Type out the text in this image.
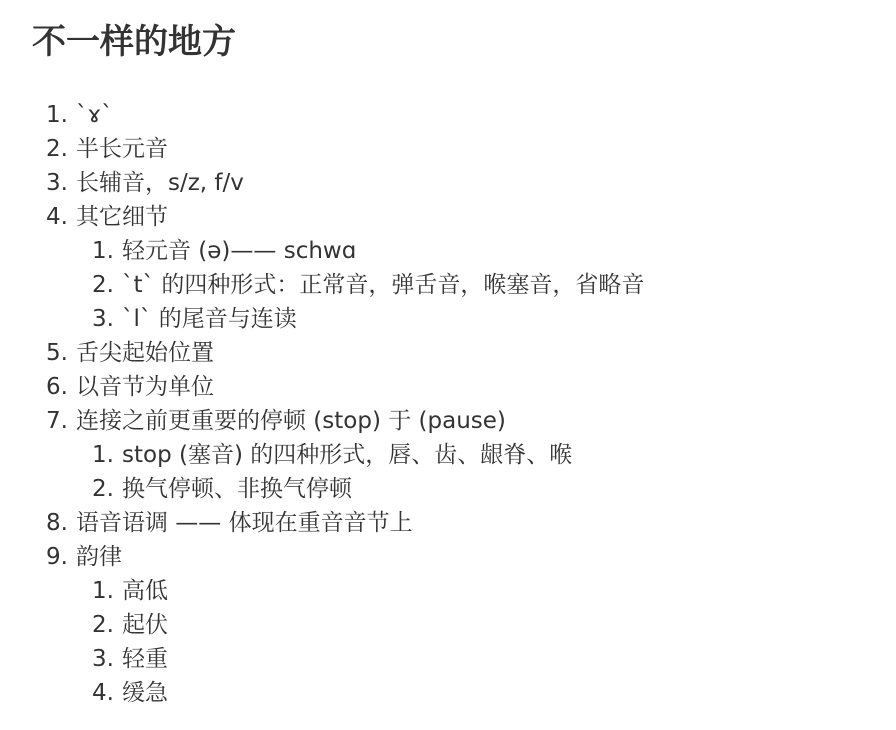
不一样的地方
1. `ɤ`
2. 半长元音
3. 长辅音，s/z, f/v
4. 其它细节
1. 轻元音 (ə)—— schwɑ
2. `t` 的四种形式：正常音，弹舌音，喉塞音，省略音
3. `l` 的尾音与连读
5. 舌尖起始位置
6. 以音节为单位
7. 连接之前更重要的停顿 (stop) 于 (pause)
1. stop (塞音) 的四种形式，唇、齿、龈脊、喉
2. 换气停顿、非换气停顿
8. 语音语调 —— 体现在重音音节上
9. 韵律
1. 高低
2. 起伏
3. 轻重
4. 缓急
